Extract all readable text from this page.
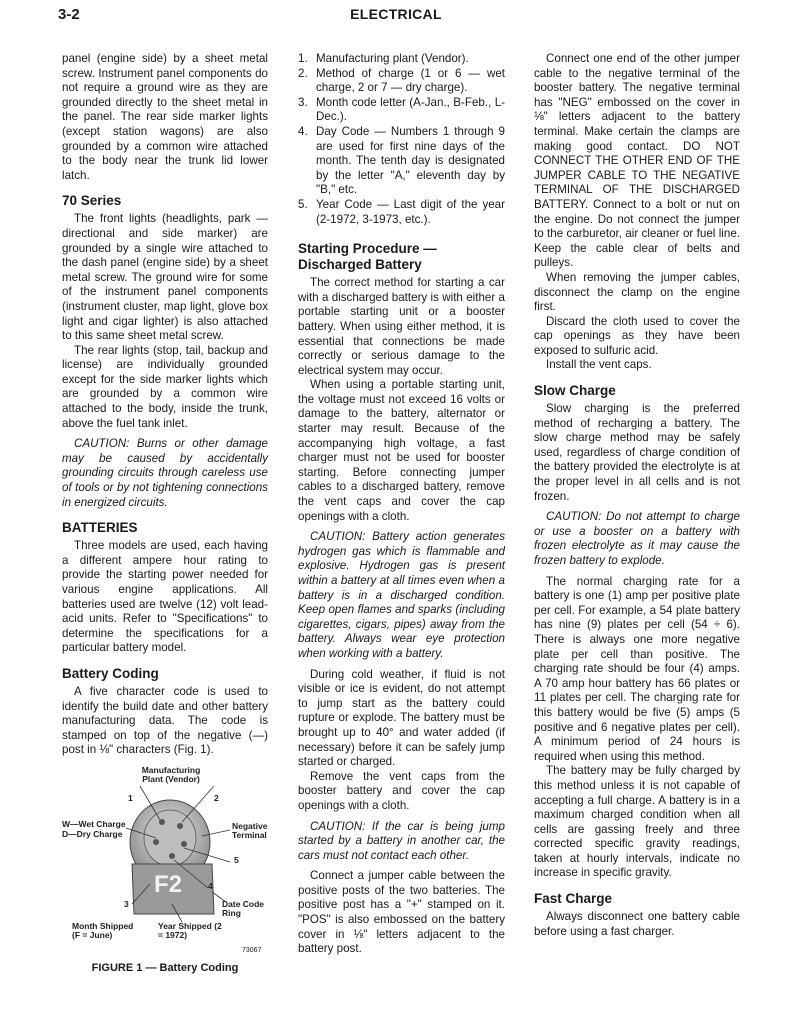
3-2	ELECTRICAL

panel (engine side) by a sheet metal screw. Instrument panel components do not require a ground wire as they are grounded directly to the sheet metal in the panel. The rear side marker lights (except station wagons) are also grounded by a common wire attached to the body near the trunk lid lower latch.

70 Series

The front lights (headlights, park — directional and side marker) are grounded by a single wire attached to the dash panel (engine side) by a sheet metal screw. The ground wire for some of the instrument panel components (instrument cluster, map light, glove box light and cigar lighter) is also attached to this same sheet metal screw.

The rear lights (stop, tail, backup and license) are individually grounded except for the side marker lights which are grounded by a common wire attached to the body, inside the trunk, above the fuel tank inlet.

CAUTION: Burns or other damage may be caused by accidentally grounding circuits through careless use of tools or by not tightening connections in energized circuits.

BATTERIES

Three models are used, each having a different ampere hour rating to provide the starting power needed for various engine applications. All batteries used are twelve (12) volt lead-acid units. Refer to "Specifications" to determine the specifications for a particular battery model.

Battery Coding

A five character code is used to identify the build date and other battery manufacturing data. The code is stamped on top of the negative (—) post in ⅛" characters (Fig. 1).

Manufacturing Plant (Vendor)
1	2
W—Wet Charge
D—Dry Charge
Negative Terminal
5
4
3
F2
Date Code Ring
Month Shipped (F = June)
Year Shipped (2 = 1972)
73067
FIGURE 1 — Battery Coding
1. Manufacturing plant (Vendor).
2. Method of charge (1 or 6 — wet charge, 2 or 7 — dry charge).
3. Month code letter (A-Jan., B-Feb., L-Dec.).
4. Day Code — Numbers 1 through 9 are used for first nine days of the month. The tenth day is designated by the letter "A," eleventh day by "B," etc.
5. Year Code — Last digit of the year (2-1972, 3-1973, etc.).
Starting Procedure — Discharged Battery

The correct method for starting a car with a discharged battery is with either a portable starting unit or a booster battery. When using either method, it is essential that connections be made correctly or serious damage to the electrical system may occur.

When using a portable starting unit, the voltage must not exceed 16 volts or damage to the battery, alternator or starter may result. Because of the accompanying high voltage, a fast charger must not be used for booster starting. Before connecting jumper cables to a discharged battery, remove the vent caps and cover the cap openings with a cloth.

CAUTION: Battery action generates hydrogen gas which is flammable and explosive. Hydrogen gas is present within a battery at all times even when a battery is in a discharged condition. Keep open flames and sparks (including cigarettes, cigars, pipes) away from the battery. Always wear eye protection when working with a battery.

During cold weather, if fluid is not visible or ice is evident, do not attempt to jump start as the battery could rupture or explode. The battery must be brought up to 40° and water added (if necessary) before it can be safely jump started or charged.

Remove the vent caps from the booster battery and cover the cap openings with a cloth.

CAUTION: If the car is being jump started by a battery in another car, the cars must not contact each other.

Connect a jumper cable between the positive posts of the two batteries. The positive post has a "+" stamped on it. "POS" is also embossed on the battery cover in ⅛" letters adjacent to the battery post.

Connect one end of the other jumper cable to the negative terminal of the booster battery. The negative terminal has "NEG" embossed on the cover in ⅛" letters adjacent to the battery terminal. Make certain the clamps are making good contact. DO NOT CONNECT THE OTHER END OF THE JUMPER CABLE TO THE NEGATIVE TERMINAL OF THE DISCHARGED BATTERY. Connect to a bolt or nut on the engine. Do not connect the jumper to the carburetor, air cleaner or fuel line. Keep the cable clear of belts and pulleys.

When removing the jumper cables, disconnect the clamp on the engine first.

Discard the cloth used to cover the cap openings as they have been exposed to sulfuric acid.

Install the vent caps.

Slow Charge

Slow charging is the preferred method of recharging a battery. The slow charge method may be safely used, regardless of charge condition of the battery provided the electrolyte is at the proper level in all cells and is not frozen.

CAUTION: Do not attempt to charge or use a booster on a battery with frozen electrolyte as it may cause the frozen battery to explode.

The normal charging rate for a battery is one (1) amp per positive plate per cell. For example, a 54 plate battery has nine (9) plates per cell (54 ÷ 6). There is always one more negative plate per cell than positive. The charging rate should be four (4) amps. A 70 amp hour battery has 66 plates or 11 plates per cell. The charging rate for this battery would be five (5) amps (5 positive and 6 negative plates per cell). A minimum period of 24 hours is required when using this method.

The battery may be fully charged by this method unless it is not capable of accepting a full charge. A battery is in a maximum charged condition when all cells are gassing freely and three corrected specific gravity readings, taken at hourly intervals, indicate no increase in specific gravity.

Fast Charge

Always disconnect one battery cable before using a fast charger.
